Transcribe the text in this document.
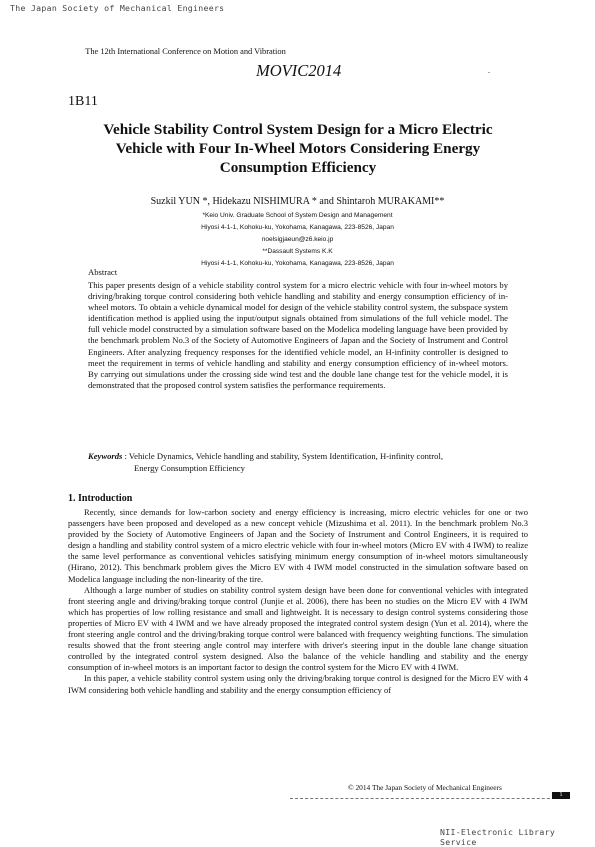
The Japan Society of Mechanical Engineers
The 12th International Conference on Motion and Vibration
MOVIC2014	.
1B11
Vehicle Stability Control System Design for a Micro Electric
Vehicle with Four In-Wheel Motors Considering Energy
Consumption Efficiency
Suzkil YUN *, Hidekazu NISHIMURA * and Shintaroh MURAKAMI**
*Keio Univ. Graduate School of System Design and Management
Hiyosi 4-1-1, Kohoku-ku, Yokohama, Kanagawa, 223-8526, Japan
noelsigjaeun@z6.keio.jp
**Dassault Systems K.K
Hiyosi 4-1-1, Kohoku-ku, Yokohama, Kanagawa, 223-8526, Japan
Abstract
This paper presents design of a vehicle stability control system for a micro electric vehicle with four in-wheel motors by driving/braking torque control considering both vehicle handling and stability and energy consumption efficiency of in-wheel motors. To obtain a vehicle dynamical model for design of the vehicle stability control system, the subspace system identification method is applied using the input/output signals obtained from simulations of the full vehicle model. The full vehicle model constructed by a simulation software based on the Modelica modeling language have been provided by the benchmark problem No.3 of the Society of Automotive Engineers of Japan and the Society of Instrument and Control Engineers. After analyzing frequency responses for the identified vehicle model, an H-infinity controller is designed to meet the requirement in terms of vehicle handling and stability and energy consumption efficiency of in-wheel motors. By carrying out simulations under the crossing side wind test and the double lane change test for the vehicle model, it is demonstrated that the proposed control system satisfies the performance requirements.
Keywords : Vehicle Dynamics, Vehicle handling and stability, System Identification, H-infinity control,
Energy Consumption Efficiency
1. Introduction

Recently, since demands for low-carbon society and energy efficiency is increasing, micro electric vehicles for one or two passengers have been proposed and developed as a new concept vehicle (Mizushima et al. 2011). In the benchmark problem No.3 provided by the Society of Automotive Engineers of Japan and the Society of Instrument and Control Engineers, it is required to design a handling and stability control system of a micro electric vehicle with four in-wheel motors (Micro EV with 4 IWM) to realize the same level performance as conventional vehicles satisfying minimum energy consumption of in-wheel motors simultaneously (Hirano, 2012). This benchmark problem gives the Micro EV with 4 IWM model constructed in the simulation software based on Modelica language including the non-linearity of the tire.

Although a large number of studies on stability control system design have been done for conventional vehicles with integrated front steering angle and driving/braking torque control (Junjie et al. 2006), there has been no studies on the Micro EV with 4 IWM which has properties of low rolling resistance and small and lightweight. It is necessary to design control systems considering those properties of Micro EV with 4 IWM and we have already proposed the integrated control system design (Yun et al. 2014), where the front steering angle control and the driving/braking torque control were balanced with frequency weighting functions. The simulation results showed that the front steering angle control may interfere with driver's steering input in the double lane change situation controlled by the integrated control system designed. Also the balance of the vehicle handling and stability and the energy consumption of in-wheel motors is an important factor to design the control system for the Micro EV with 4 IWM.

In this paper, a vehicle stability control system using only the driving/braking torque control is designed for the Micro EV with 4 IWM considering both vehicle handling and stability and the energy consumption efficiency of

© 2014 The Japan Society of Mechanical Engineers
1
NII-Electronic Library Service
